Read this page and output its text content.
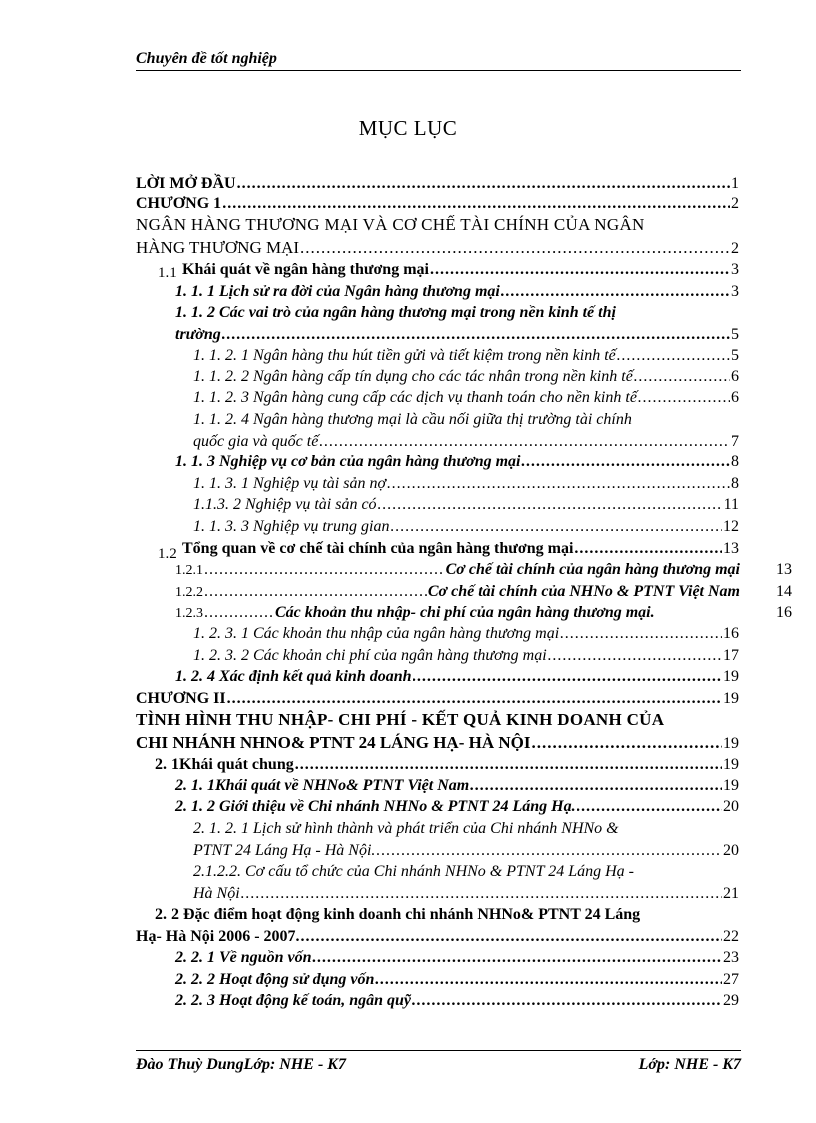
Chuyên đề tốt nghiệp
MỤC LỤC
LỜI MỞ ĐẦU .....	1
CHƯƠNG 1 .....	2
NGÂN HÀNG THƯƠNG MẠI VÀ CƠ CHẾ TÀI CHÍNH CỦA NGÂN
HÀNG THƯƠNG MẠI .....	2
1.1 Khái quát về ngân hàng thương mại .....	3
1. 1. 1 Lịch sử ra đời của Ngân hàng thương mại .....	3
1. 1. 2 Các vai trò của ngân hàng thương mại trong nền kinh tế thị
trường .....	5
1. 1. 2. 1 Ngân hàng thu hút tiền gửi và tiết kiệm trong nền kinh tế .....	5
1. 1. 2. 2 Ngân hàng cấp tín dụng cho các tác nhân trong nền kinh tế .....	6
1. 1. 2. 3 Ngân hàng cung cấp các dịch vụ thanh toán cho nền kinh tế .....	6
1. 1. 2. 4 Ngân hàng thương mại là cầu nối giữa thị trường tài chính
quốc gia và quốc tế .....	7
1. 1. 3 Nghiệp vụ cơ bản của ngân hàng thương mại .....	8
1. 1. 3. 1 Nghiệp vụ tài sản nợ .....	8
1.1.3. 2 Nghiệp vụ tài sản có .....	11
1. 1. 3. 3 Nghiệp vụ trung gian .....	12
1.2 Tổng quan về cơ chế tài chính của ngân hàng thương mại .....	13
1.2.1 .....	Cơ chế tài chính của ngân hàng thương mại 13
1.2.2 .....	Cơ chế tài chính của NHNo & PTNT Việt Nam 14
1.2.3 .....	Các khoản thu nhập- chi phí của ngân hàng thương mại.	16
1. 2. 3. 1 Các khoản thu nhập của ngân hàng thương mại .....	16
1. 2. 3. 2 Các khoản chi phí của ngân hàng thương mại .....	17
1. 2. 4 Xác định kết quả kinh doanh .....	19
CHƯƠNG II .....	19
TÌNH HÌNH THU NHẬP- CHI PHÍ - KẾT QUẢ KINH DOANH CỦA
CHI NHÁNH NHNO& PTNT 24 LÁNG HẠ- HÀ NỘI .....	19
2. 1Khái quát chung .....	19
2. 1. 1Khái quát về NHNo& PTNT Việt Nam .....	19
2. 1. 2 Giới thiệu về Chi nhánh NHNo & PTNT 24 Láng Hạ. .....	20
2. 1. 2. 1 Lịch sử hình thành và phát triển của Chi nhánh NHNo &
PTNT 24 Láng Hạ - Hà Nội. .....	20
2.1.2.2. Cơ cấu tổ chức của Chi nhánh NHNo & PTNT 24 Láng Hạ -
Hà Nội .....	21
2. 2 Đặc điểm hoạt động kinh doanh chi nhánh NHNo& PTNT 24 Láng
Hạ- Hà Nội 2006 - 2007. .....	22
2. 2. 1 Về nguồn vốn .....	23
2. 2. 2 Hoạt động sử dụng vốn .....	27
2. 2. 3 Hoạt động kế toán, ngân quỹ .....	29
Đào Thuỳ DungLớp: NHE - K7	Lớp: NHE - K7
